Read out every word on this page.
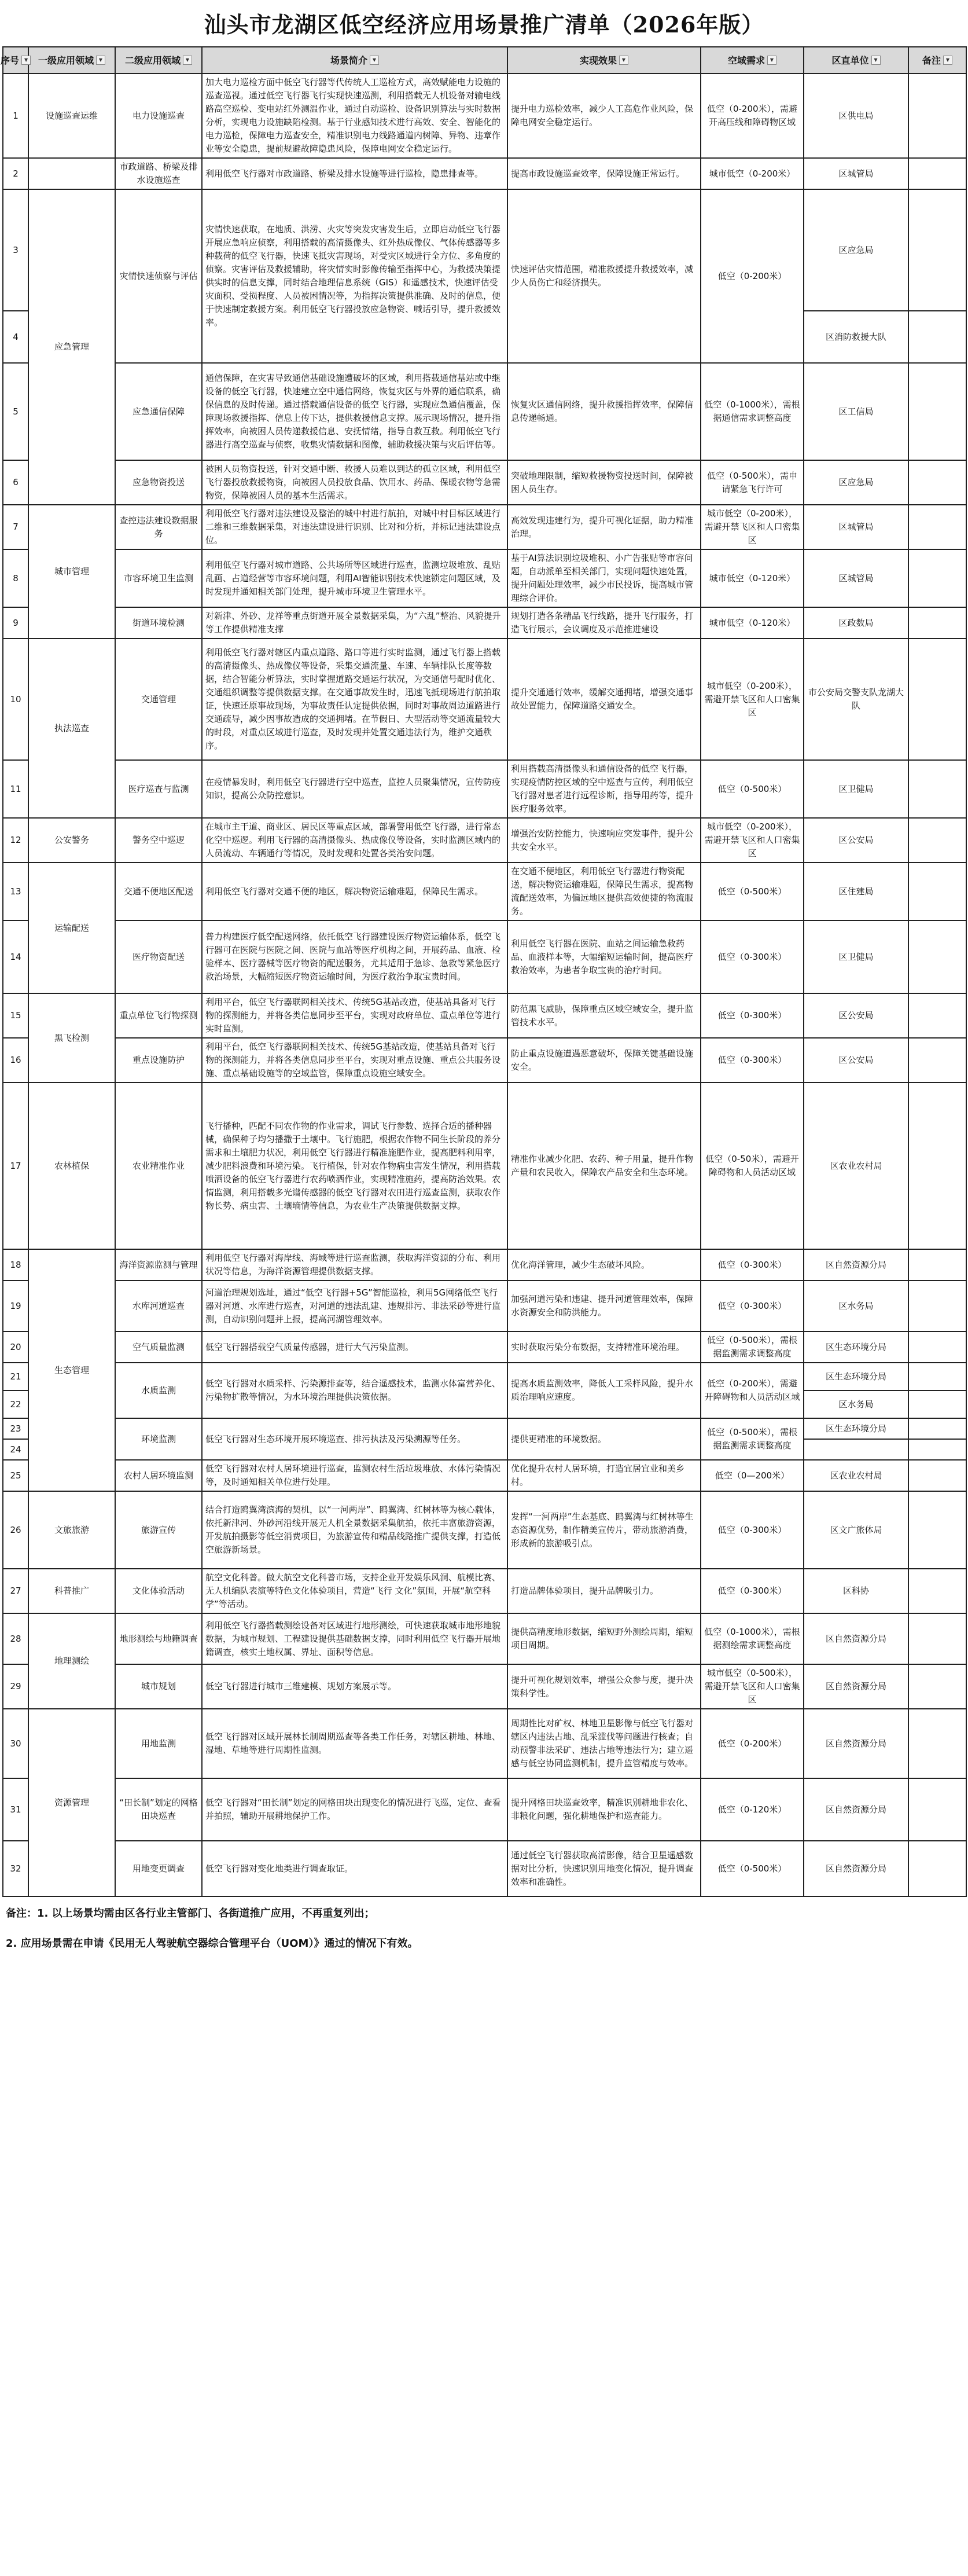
汕头市龙湖区低空经济应用场景推广清单（2026年版）
序号 ▼	一级应用领域 ▼	二级应用领域 ▼	场景简介 ▼	实现效果 ▼	空域需求 ▼	区直单位 ▼	备注 ▼

1	设施巡查运维	电力设施巡查	加大电力巡检方面中低空飞行器等代传统人工巡检方式，高效赋能电力设施的巡查巡视。通过低空飞行器飞行实现快速巡测，利用搭载无人机设备对输电线路高空巡检、变电站红外测温作业，通过自动巡检、设备识别算法与实时数据分析，实现电力设施缺陷检测。基于行业感知技术进行高效、安全、智能化的电力巡检，保障电力巡查安全，精准识别电力线路通道内树障、异物、违章作业等安全隐患，提前规避故障隐患风险，保障电网安全稳定运行。	提升电力巡检效率，减少人工高危作业风险，保障电网安全稳定运行。	低空（0-200米），需避开高压线和障碍物区域	区供电局	
2		市政道路、桥梁及排水设施巡查	利用低空飞行器对市政道路、桥梁及排水设施等进行巡检，隐患排查等。	提高市政设施巡查效率，保障设施正常运行。	城市低空（0-200米）	区城管局	
3	应急管理	灾情快速侦察与评估	灾情快速获取，在地质、洪涝、火灾等突发灾害发生后，立即启动低空飞行器开展应急响应侦察，利用搭载的高清摄像头、红外热成像仪、气体传感器等多种载荷的低空飞行器，快速飞抵灾害现场，对受灾区域进行全方位、多角度的侦察。灾害评估及救援辅助，将灾情实时影像传输至指挥中心，为救援决策提供实时的信息支撑，同时结合地理信息系统（GIS）和遥感技术，快速评估受灾面积、受损程度、人员被困情况等，为指挥决策提供准确、及时的信息，便于快速制定救援方案。利用低空飞行器投放应急物资、喊话引导，提升救援效率。	快速评估灾情范围，精准救援提升救援效率，减少人员伤亡和经济损失。	低空（0-200米）	区应急局	
4						区消防救援大队	
5		应急通信保障	通信保障，在灾害导致通信基础设施遭破坏的区域，利用搭载通信基站或中继设备的低空飞行器，快速建立空中通信网络，恢复灾区与外界的通信联系，确保信息的及时传递。通过搭载通信设备的低空飞行器，实现应急通信覆盖，保障现场救援指挥、信息上传下达，提供救援信息支撑。展示现场情况，提升指挥效率，向被困人员传递救援信息、安抚情绪，指导自救互救。利用低空飞行器进行高空巡查与侦察，收集灾情数据和图像，辅助救援决策与灾后评估等。	恢复灾区通信网络，提升救援指挥效率，保障信息传递畅通。	低空（0-1000米），需根据通信需求调整高度	区工信局	
6		应急物资投送	被困人员物资投送，针对交通中断、救援人员难以到达的孤立区域，利用低空飞行器投放救援物资，向被困人员投放食品、饮用水、药品、保暖衣物等急需物资，保障被困人员的基本生活需求。	突破地理限制，缩短救援物资投送时间，保障被困人员生存。	低空（0-500米），需申请紧急飞行许可	区应急局	
7	城市管理	查控违法建设数据服务	利用低空飞行器对违法建设及整治的城中村进行航拍，对城中村目标区域进行二维和三维数据采集，对违法建设进行识别、比对和分析，并标记违法建设点位。	高效发现违建行为，提升可视化证据，助力精准治理。	城市低空（0-200米），需避开禁飞区和人口密集区	区城管局	
8		市容环境卫生监测	利用低空飞行器对城市道路、公共场所等区域进行巡查，监测垃圾堆放、乱贴乱画、占道经营等市容环境问题，利用AI智能识别技术快速锁定问题区域，及时发现并通知相关部门处理，提升城市环境卫生管理水平。	基于AI算法识别垃圾堆积、小广告张贴等市容问题，自动派单至相关部门，实现问题快速处置，提升问题处理效率，减少市民投诉，提高城市管理综合评价。	城市低空（0-120米）	区城管局	
9		街道环境检测	对新津、外砂、龙祥等重点街道开展全景数据采集，为“六乱”整治、风貌提升等工作提供精准支撑	规划打造各条精品飞行线路，提升飞行服务，打造飞行展示，会议调度及示范推进建设	城市低空（0-120米）	区政数局	
10	执法巡查	交通管理	利用低空飞行器对辖区内重点道路、路口等进行实时监测，通过飞行器上搭载的高清摄像头、热成像仪等设备，采集交通流量、车速、车辆排队长度等数据，结合智能分析算法，实时掌握道路交通运行状况，为交通信号配时优化、交通组织调整等提供数据支撑。在交通事故发生时，迅速飞抵现场进行航拍取证，快速还原事故现场，为事故责任认定提供依据，同时对事故周边道路进行交通疏导，减少因事故造成的交通拥堵。在节假日、大型活动等交通流量较大的时段，对重点区域进行巡查，及时发现并处置交通违法行为，维护交通秩序。	提升交通通行效率，缓解交通拥堵，增强交通事故处置能力，保障道路交通安全。	城市低空（0-200米），需避开禁飞区和人口密集区	市公安局交警支队龙湖大队	
11		医疗巡查与监测	在疫情暴发时，利用低空飞行器进行空中巡查，监控人员聚集情况，宣传防疫知识，提高公众防控意识。	利用搭载高清摄像头和通信设备的低空飞行器，实现疫情防控区域的空中巡查与宣传，利用低空飞行器对患者进行远程诊断，指导用药等，提升医疗服务效率。	低空（0-500米）	区卫健局	
12	公安警务	警务空中巡逻	在城市主干道、商业区、居民区等重点区域，部署警用低空飞行器，进行常态化空中巡逻。利用飞行器的高清摄像头、热成像仪等设备，实时监测区域内的人员流动、车辆通行等情况，及时发现和处置各类治安问题。	增强治安防控能力，快速响应突发事件，提升公共安全水平。	城市低空（0-200米），需避开禁飞区和人口密集区	区公安局	
13	运输配送	交通不便地区配送	利用低空飞行器对交通不便的地区，解决物资运输难题，保障民生需求。	在交通不便地区，利用低空飞行器进行物资配送，解决物资运输难题，保障民生需求，提高物流配送效率，为偏远地区提供高效便捷的物流服务。	低空（0-500米）	区住建局	
14		医疗物资配送	普力构建医疗低空配送网络，依托低空飞行器建设医疗物资运输体系，低空飞行器可在医院与医院之间、医院与血站等医疗机构之间，开展药品、血液、检验样本、医疗器械等医疗物资的配送服务，尤其适用于急诊、急救等紧急医疗救治场景，大幅缩短医疗物资运输时间，为医疗救治争取宝贵时间。	利用低空飞行器在医院、血站之间运输急救药品、血液样本等，大幅缩短运输时间，提高医疗救治效率，为患者争取宝贵的治疗时间。	低空（0-300米）	区卫健局	
15	黑飞检测	重点单位飞行物探测	利用平台，低空飞行器联网相关技术、传统5G基站改造，使基站具备对飞行物的探测能力，并将各类信息同步至平台，实现对政府单位、重点单位等进行实时监测。	防范黑飞威胁，保障重点区域空域安全，提升监管技术水平。	低空（0-300米）	区公安局	
16		重点设施防护	利用平台，低空飞行器联网相关技术、传统5G基站改造，使基站具备对飞行物的探测能力，并将各类信息同步至平台，实现对重点设施、重点公共服务设施、重点基础设施等的空域监管，保障重点设施空域安全。	防止重点设施遭遇恶意破坏，保障关键基础设施安全。	低空（0-300米）	区公安局	
17	农林植保	农业精准作业	飞行播种，匹配不同农作物的作业需求，调试飞行参数、选择合适的播种器械，确保种子均匀播撒于土壤中。飞行施肥，根据农作物不同生长阶段的养分需求和土壤肥力状况，利用低空飞行器进行精准施肥作业，提高肥料利用率，减少肥料浪费和环境污染。飞行植保，针对农作物病虫害发生情况，利用搭载喷洒设备的低空飞行器进行农药喷洒作业，实现精准施药，提高防治效果。农情监测，利用搭载多光谱传感器的低空飞行器对农田进行巡查监测，获取农作物长势、病虫害、土壤墒情等信息，为农业生产决策提供数据支撑。	精准作业减少化肥、农药、种子用量，提升作物产量和农民收入，保障农产品安全和生态环境。	低空（0-50米），需避开障碍物和人员活动区域	区农业农村局	
18	生态管理	海洋资源监测与管理	利用低空飞行器对海岸线、海域等进行巡查监测，获取海洋资源的分布、利用状况等信息，为海洋资源管理提供数据支撑。	优化海洋管理，减少生态破坏风险。	低空（0-300米）	区自然资源分局	
19		水库河道巡查	河道治理规划选址，通过“低空飞行器+5G”智能巡检，利用5G网络低空飞行器对河道、水库进行巡查，对河道的违法乱建、违规排污、非法采砂等进行监测，自动识别问题并上报，提高河湖管理效率。	加强河道污染和违建、提升河道管理效率，保障水资源安全和防洪能力。	低空（0-300米）	区水务局	
20		空气质量监测	低空飞行器搭载空气质量传感器，进行大气污染监测。	实时获取污染分布数据，支持精准环境治理。	低空（0-500米），需根据监测需求调整高度	区生态环境分局	
21		水质监测	低空飞行器对水质采样、污染源排查等，结合遥感技术，监测水体富营养化、污染物扩散等情况，为水环境治理提供决策依据。	提高水质监测效率，降低人工采样风险，提升水质治理响应速度。	低空（0-200米），需避开障碍物和人员活动区域	区生态环境分局	
22						区水务局	
23		环境监测	低空飞行器对生态环境开展环境巡查、排污执法及污染溯源等任务。	提供更精准的环境数据。	低空（0-500米），需根据监测需求调整高度	区生态环境分局	
24							
25		农村人居环境监测	低空飞行器对农村人居环境进行巡查，监测农村生活垃圾堆放、水体污染情况等，及时通知相关单位进行处理。	优化提升农村人居环境，打造宜居宜业和美乡村。	低空（0—200米）	区农业农村局	
26	文旅旅游	旅游宣传	结合打造鸥翼湾滨海的契机，以“一河两岸”、鸥翼湾、红树林等为核心载体，依托新津河、外砂河沿线开展无人机全景数据采集航拍，依托丰富旅游资源，开发航拍摄影等低空消费项目，为旅游宣传和精品线路推广提供支撑，打造低空旅游新场景。	发挥“一河两岸”生态基底、鸥翼湾与红树林等生态资源优势，制作精美宣传片，带动旅游消费，形成新的旅游吸引点。	低空（0-300米）	区文广旅体局	
27	科普推广	文化体验活动	航空文化科普。做大航空文化科普市场，支持企业开发娱乐风洞、航模比赛、无人机编队表演等特色文化体验项目，营造“飞行 文化”氛围，开展“航空科学”等活动。	打造品牌体验项目，提升品牌吸引力。	低空（0-300米）	区科协	
28	地理测绘	地形测绘与地籍调查	利用低空飞行器搭载测绘设备对区域进行地形测绘，可快速获取城市地形地貌数据，为城市规划、工程建设提供基础数据支撑，同时利用低空飞行器开展地籍调查，核实土地权属、界址、面积等信息。	提供高精度地形数据，缩短野外测绘周期，缩短项目周期。	低空（0-1000米），需根据测绘需求调整高度	区自然资源分局	
29		城市规划	低空飞行器进行城市三维建模、规划方案展示等。	提升可视化规划效率，增强公众参与度，提升决策科学性。	城市低空（0-500米），需避开禁飞区和人口密集区	区自然资源分局	
30	资源管理	用地监测	低空飞行器对区域开展林长制周期巡查等各类工作任务，对辖区耕地、林地、湿地、草地等进行周期性监测。	周期性比对矿权、林地卫星影像与低空飞行器对辖区内违法占地、乱采滥伐等问题进行核查；自动预警非法采矿、违法占地等违法行为；建立遥感与低空协同监测机制，提升监管精度与效率。	低空（0-200米）	区自然资源分局	
31		“田长制”划定的网格田块巡查	低空飞行器对“田长制”划定的网格田块出现变化的情况进行飞巡，定位、查看并拍照，辅助开展耕地保护工作。	提升网格田块巡查效率，精准识别耕地非农化、非粮化问题，强化耕地保护和巡查能力。	低空（0-120米）	区自然资源分局	
32		用地变更调查	低空飞行器对变化地类进行调查取证。	通过低空飞行器获取高清影像，结合卫星遥感数据对比分析，快速识别用地变化情况，提升调查效率和准确性。	低空（0-500米）	区自然资源分局	
备注：1. 以上场景均需由区各行业主管部门、各街道推广应用，不再重复列出；
2. 应用场景需在申请《民用无人驾驶航空器综合管理平台（UOM）》通过的情况下有效。
